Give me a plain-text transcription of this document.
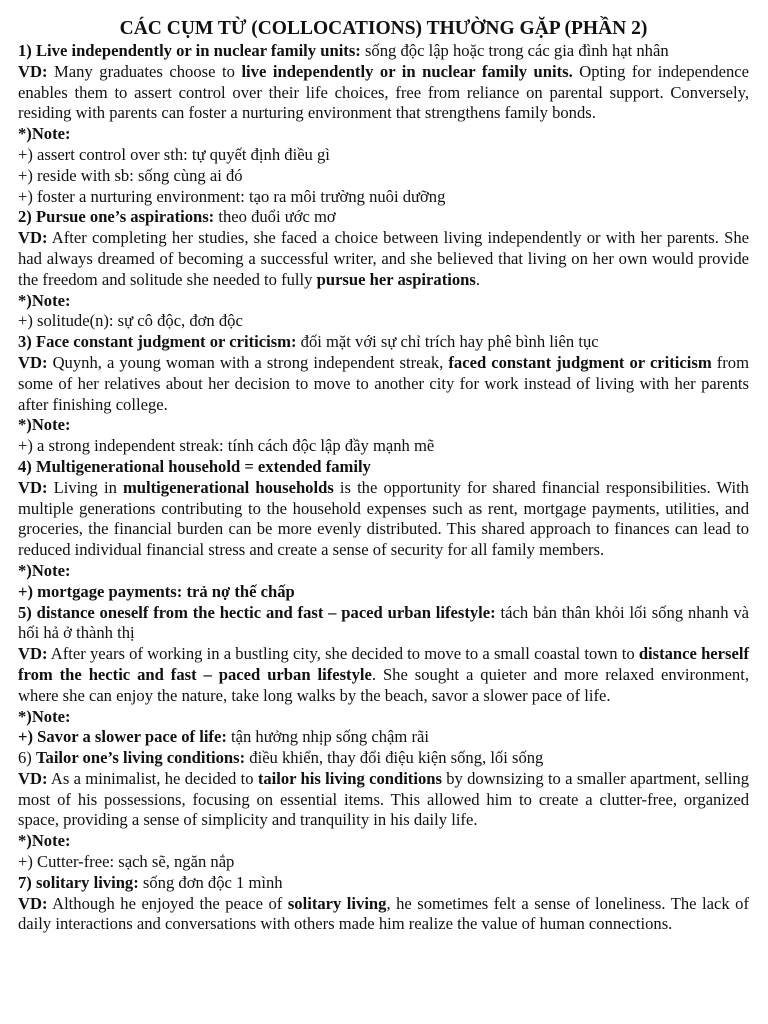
CÁC CỤM TỪ (COLLOCATIONS) THƯỜNG GẶP (PHẦN 2)

1) Live independently or in nuclear family units: sống độc lập hoặc trong các gia đình hạt nhân

VD: Many graduates choose to live independently or in nuclear family units. Opting for independence enables them to assert control over their life choices, free from reliance on parental support. Conversely, residing with parents can foster a nurturing environment that strengthens family bonds.

*)Note:

+) assert control over sth: tự quyết định điều gì

+) reside with sb: sống cùng ai đó

+) foster a nurturing environment: tạo ra môi trường nuôi dưỡng

2) Pursue one’s aspirations: theo đuổi ước mơ

VD: After completing her studies, she faced a choice between living independently or with her parents. She had always dreamed of becoming a successful writer, and she believed that living on her own would provide the freedom and solitude she needed to fully pursue her aspirations.

*)Note:

+) solitude(n): sự cô độc, đơn độc

3) Face constant judgment or criticism: đối mặt với sự chỉ trích hay phê bình liên tục

VD: Quynh, a young woman with a strong independent streak, faced constant judgment or criticism from some of her relatives about her decision to move to another city for work instead of living with her parents after finishing college.

*)Note:

+) a strong independent streak: tính cách độc lập đầy mạnh mẽ

4) Multigenerational household = extended family

VD: Living in multigenerational households is the opportunity for shared financial responsibilities. With multiple generations contributing to the household expenses such as rent, mortgage payments, utilities, and groceries, the financial burden can be more evenly distributed. This shared approach to finances can lead to reduced individual financial stress and create a sense of security for all family members.

*)Note:

+) mortgage payments: trả nợ thế chấp

5) distance oneself from the hectic and fast – paced urban lifestyle: tách bản thân khỏi lối sống nhanh và hối hả ở thành thị

VD: After years of working in a bustling city, she decided to move to a small coastal town to distance herself from the hectic and fast – paced urban lifestyle. She sought a quieter and more relaxed environment, where she can enjoy the nature, take long walks by the beach, savor a slower pace of life.

*)Note:

+) Savor a slower pace of life: tận hưởng nhịp sống chậm rãi

6) Tailor one’s living conditions: điều khiển, thay đổi điệu kiện sống, lối sống

VD: As a minimalist, he decided to tailor his living conditions by downsizing to a smaller apartment, selling most of his possessions, focusing on essential items. This allowed him to create a clutter-free, organized space, providing a sense of simplicity and tranquility in his daily life.

*)Note:

+) Cutter-free: sạch sẽ, ngăn nắp

7) solitary living: sống đơn độc 1 mình

VD: Although he enjoyed the peace of solitary living, he sometimes felt a sense of loneliness. The lack of daily interactions and conversations with others made him realize the value of human connections.
